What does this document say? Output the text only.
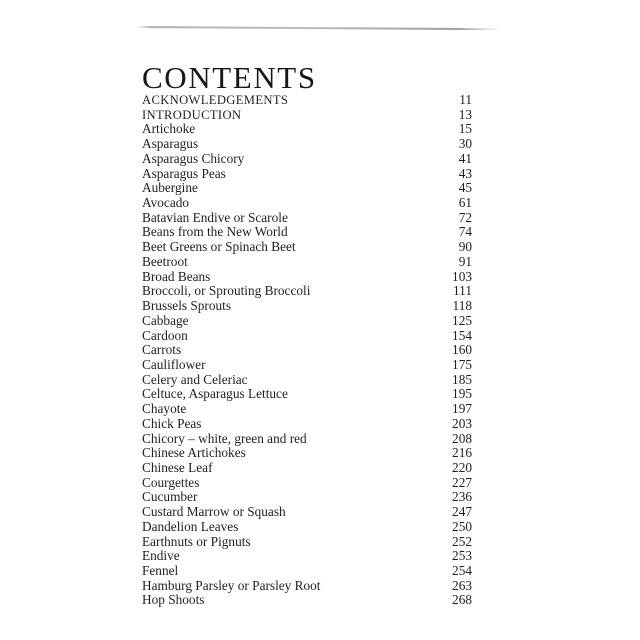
CONTENTS
ACKNOWLEDGEMENTS	11
INTRODUCTION	13
Artichoke	15
Asparagus	30
Asparagus Chicory	41
Asparagus Peas	43
Aubergine	45
Avocado	61
Batavian Endive or Scarole	72
Beans from the New World	74
Beet Greens or Spinach Beet	90
Beetroot	91
Broad Beans	103
Broccoli, or Sprouting Broccoli	111
Brussels Sprouts	118
Cabbage	125
Cardoon	154
Carrots	160
Cauliflower	175
Celery and Celeriac	185
Celtuce, Asparagus Lettuce	195
Chayote	197
Chick Peas	203
Chicory – white, green and red	208
Chinese Artichokes	216
Chinese Leaf	220
Courgettes	227
Cucumber	236
Custard Marrow or Squash	247
Dandelion Leaves	250
Earthnuts or Pignuts	252
Endive	253
Fennel	254
Hamburg Parsley or Parsley Root	263
Hop Shoots	268
